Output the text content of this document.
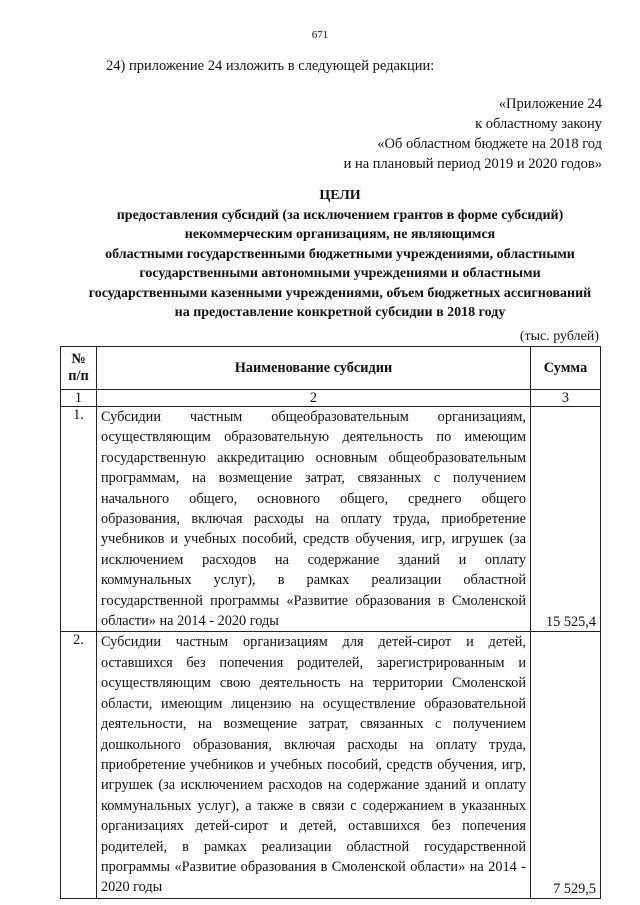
671
24) приложение 24 изложить в следующей редакции:
«Приложение 24
к областному закону
«Об областном бюджете на 2018 год
и на плановый период 2019 и 2020 годов»
ЦЕЛИ
предоставления субсидий (за исключением грантов в форме субсидий)
некоммерческим организациям, не являющимся
областными государственными бюджетными учреждениями, областными
государственными автономными учреждениями и областными
государственными казенными учреждениями, объем бюджетных ассигнований
на предоставление конкретной субсидии в 2018 году
(тыс. рублей)
№ п/п	Наименование субсидии	Сумма
1	2	3
1.	Субсидии частным общеобразовательным организациям, осуществляющим образовательную деятельность по имеющим государственную аккредитацию основным общеобразовательным программам, на возмещение затрат, связанных с получением начального общего, основного общего, среднего общего образования, включая расходы на оплату труда, приобретение учебников и учебных пособий, средств обучения, игр, игрушек (за исключением расходов на содержание зданий и оплату коммунальных услуг), в рамках реализации областной государственной программы «Развитие образования в Смоленской области» на 2014 - 2020 годы	15 525,4
2.	Субсидии частным организациям для детей-сирот и детей, оставшихся без попечения родителей, зарегистрированным и осуществляющим свою деятельность на территории Смоленской области, имеющим лицензию на осуществление образовательной деятельности, на возмещение затрат, связанных с получением дошкольного образования, включая расходы на оплату труда, приобретение учебников и учебных пособий, средств обучения, игр, игрушек (за исключением расходов на содержание зданий и оплату коммунальных услуг), а также в связи с содержанием в указанных организациях детей-сирот и детей, оставшихся без попечения родителей, в рамках реализации областной государственной программы «Развитие образования в Смоленской области» на 2014 - 2020 годы	7 529,5
